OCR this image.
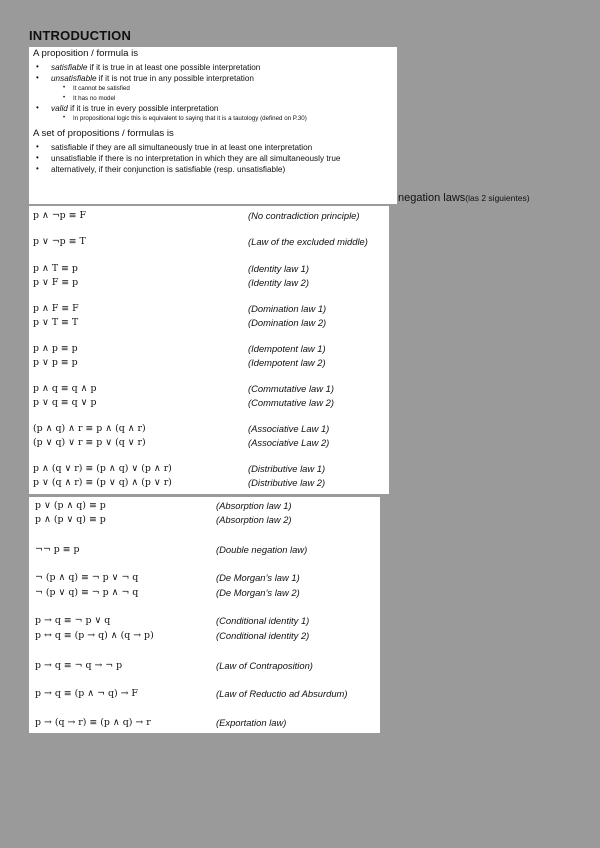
INTRODUCTION
A proposition / formula is
• satisfiable if it is true in at least one possible interpretation
• unsatisfiable if it is not true in any possible interpretation
• It cannot be satisfied
• It has no model
• valid if it is true in every possible interpretation
• In propositional logic this is equivalent to saying that it is a tautology (defined on P.30)
A set of propositions / formulas is
• satisfiable if they are all simultaneously true in at least one interpretation
• unsatisfiable if there is no interpretation in which they are all simultaneously true
• alternatively, if their conjunction is satisfiable (resp. unsatisfiable)
negation laws(las 2 siguientes)
p ∧ ¬p ≡ F	(No contradiction principle)
p ∨ ¬p ≡ T	(Law of the excluded middle)
p ∧ T ≡ p	(Identity law 1)
p ∨ F ≡ p	(Identity law 2)
p ∧ F ≡ F	(Domination law 1)
p ∨ T ≡ T	(Domination law 2)
p ∧ p ≡ p	(Idempotent law 1)
p ∨ p ≡ p	(Idempotent law 2)
p ∧ q ≡ q ∧ p	(Commutative law 1)
p ∨ q ≡ q ∨ p	(Commutative law 2)
(p ∧ q) ∧ r ≡ p ∧ (q ∧ r)	(Associative Law 1)
(p ∨ q) ∨ r ≡ p ∨ (q ∨ r)	(Associative Law 2)
p ∧ (q ∨ r) ≡ (p ∧ q) ∨ (p ∧ r)	(Distributive law 1)
p ∨ (q ∧ r) ≡ (p ∨ q) ∧ (p ∨ r)	(Distributive law 2)
p ∨ (p ∧ q) ≡ p	(Absorption law 1)
p ∧ (p ∨ q) ≡ p	(Absorption law 2)
¬¬ p ≡ p	(Double negation law)
¬ (p ∧ q) ≡ ¬ p ∨ ¬ q	(De Morgan’s law 1)
¬ (p ∨ q) ≡ ¬ p ∧ ¬ q	(De Morgan’s law 2)
p → q ≡ ¬ p ∨ q	(Conditional identity 1)
p ↔ q ≡ (p → q) ∧ (q → p)	(Conditional identity 2)
p → q ≡ ¬ q → ¬ p	(Law of Contraposition)
p → q ≡ (p ∧ ¬ q) → F	(Law of Reductio ad Absurdum)
p → (q → r) ≡ (p ∧ q) → r	(Exportation law)
